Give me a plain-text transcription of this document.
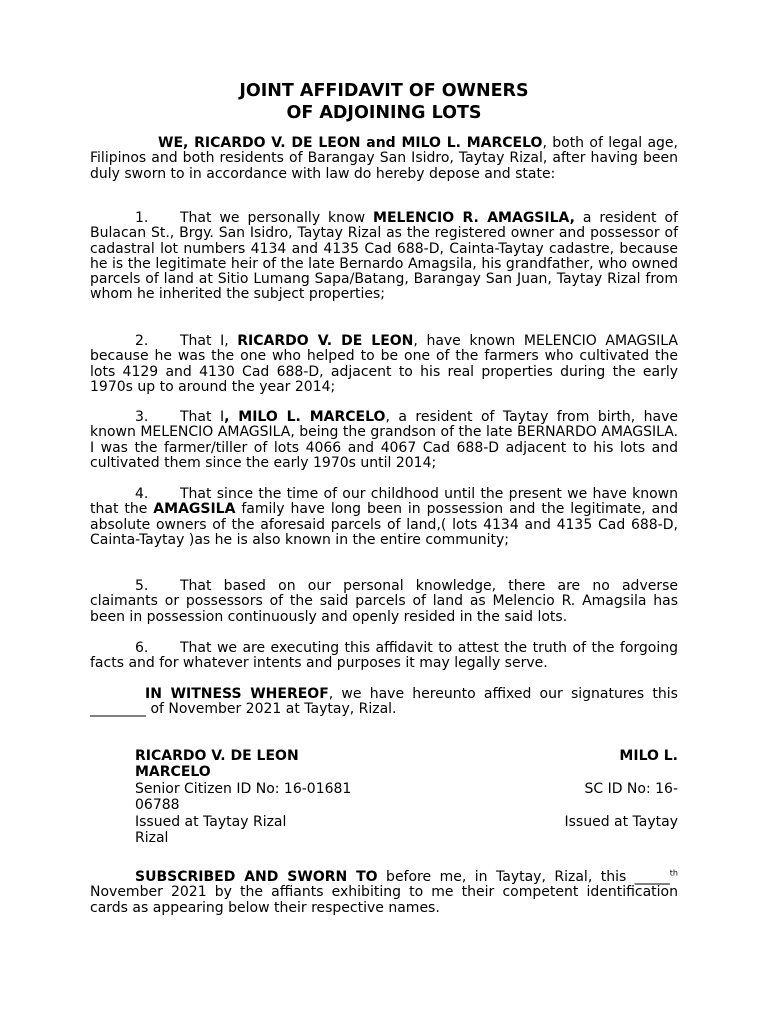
JOINT AFFIDAVIT OF OWNERS
OF ADJOINING LOTS
WE, RICARDO V. DE LEON and MILO L. MARCELO, both of legal age, Filipinos and both residents of Barangay San Isidro, Taytay Rizal, after having been duly sworn to in accordance with law do hereby depose and state:
1. That we personally know MELENCIO R. AMAGSILA, a resident of Bulacan St., Brgy. San Isidro, Taytay Rizal as the registered owner and possessor of cadastral lot numbers 4134 and 4135 Cad 688-D, Cainta-Taytay cadastre, because he is the legitimate heir of the late Bernardo Amagsila, his grandfather, who owned parcels of land at Sitio Lumang Sapa/Batang, Barangay San Juan, Taytay Rizal from whom he inherited the subject properties;
2. That I, RICARDO V. DE LEON, have known MELENCIO AMAGSILA because he was the one who helped to be one of the farmers who cultivated the lots 4129 and 4130 Cad 688-D, adjacent to his real properties during the early 1970s up to around the year 2014;
3. That I, MILO L. MARCELO, a resident of Taytay from birth, have known MELENCIO AMAGSILA, being the grandson of the late BERNARDO AMAGSILA. I was the farmer/tiller of lots 4066 and 4067 Cad 688-D adjacent to his lots and cultivated them since the early 1970s until 2014;
4. That since the time of our childhood until the present we have known that the AMAGSILA family have long been in possession and the legitimate, and absolute owners of the aforesaid parcels of land,( lots 4134 and 4135 Cad 688-D, Cainta-Taytay )as he is also known in the entire community;
5. That based on our personal knowledge, there are no adverse claimants or possessors of the said parcels of land as Melencio R. Amagsila has been in possession continuously and openly resided in the said lots.
6. That we are executing this affidavit to attest the truth of the forgoing facts and for whatever intents and purposes it may legally serve.
IN WITNESS WHEREOF, we have hereunto affixed our signatures this ________ of November 2021 at Taytay, Rizal.
RICARDO V. DE LEON	MILO L.
MARCELO
Senior Citizen ID No: 16-01681	SC ID No: 16-
06788
Issued at Taytay Rizal	Issued at Taytay
Rizal
SUBSCRIBED AND SWORN TO before me, in Taytay, Rizal, this _____$^{th}$ November 2021 by the affiants exhibiting to me their competent identification cards as appearing below their respective names.
